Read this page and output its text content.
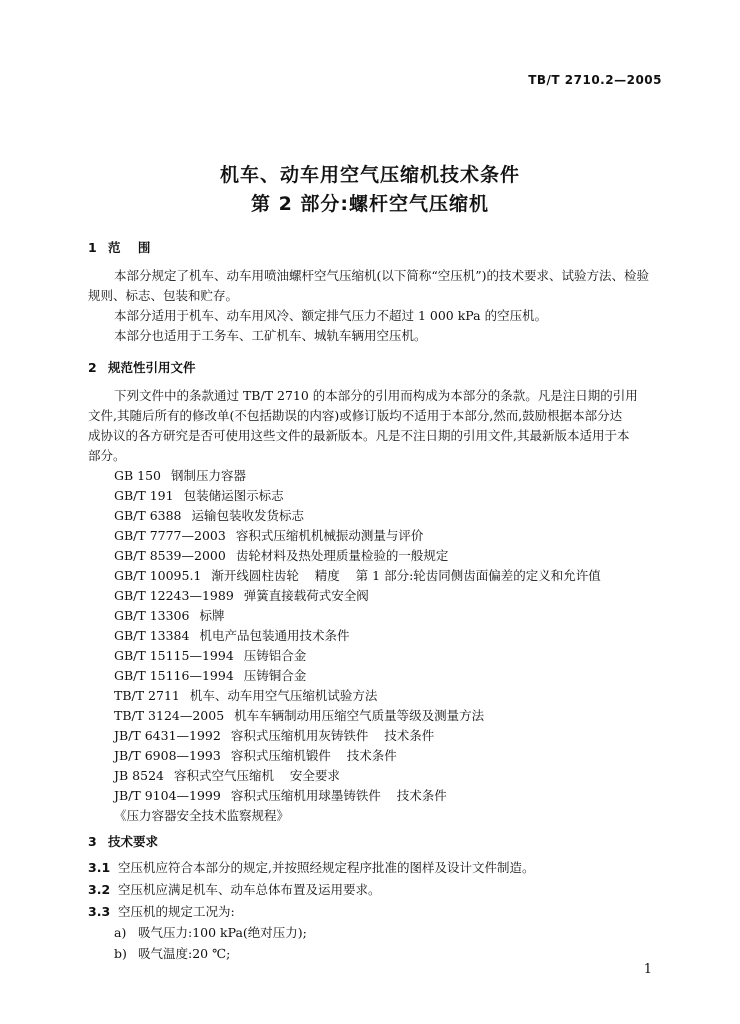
TB/T 2710.2—2005
机车、动车用空气压缩机技术条件
第 2 部分:螺杆空气压缩机
1 范    围
本部分规定了机车、动车用喷油螺杆空气压缩机(以下简称“空压机”)的技术要求、试验方法、检验
规则、标志、包装和贮存。
本部分适用于机车、动车用风冷、额定排气压力不超过 1 000 kPa 的空压机。
本部分也适用于工务车、工矿机车、城轨车辆用空压机。
2 规范性引用文件
下列文件中的条款通过 TB/T 2710 的本部分的引用而构成为本部分的条款。凡是注日期的引用
文件,其随后所有的修改单(不包括勘误的内容)或修订版均不适用于本部分,然而,鼓励根据本部分达
成协议的各方研究是否可使用这些文件的最新版本。凡是不注日期的引用文件,其最新版本适用于本
部分。
GB 150 钢制压力容器
GB/T 191 包装储运图示标志
GB/T 6388 运输包装收发货标志
GB/T 7777—2003 容积式压缩机机械振动测量与评价
GB/T 8539—2000 齿轮材料及热处理质量检验的一般规定
GB/T 10095.1 渐开线圆柱齿轮    精度    第 1 部分:轮齿同侧齿面偏差的定义和允许值
GB/T 12243—1989 弹簧直接载荷式安全阀
GB/T 13306 标牌
GB/T 13384 机电产品包装通用技术条件
GB/T 15115—1994 压铸铝合金
GB/T 15116—1994 压铸铜合金
TB/T 2711 机车、动车用空气压缩机试验方法
TB/T 3124—2005 机车车辆制动用压缩空气质量等级及测量方法
JB/T 6431—1992 容积式压缩机用灰铸铁件    技术条件
JB/T 6908—1993 容积式压缩机锻件    技术条件
JB 8524 容积式空气压缩机    安全要求
JB/T 9104—1999 容积式压缩机用球墨铸铁件    技术条件
《压力容器安全技术监察规程》
3 技术要求
3.1 空压机应符合本部分的规定,并按照经规定程序批准的图样及设计文件制造。
3.2 空压机应满足机车、动车总体布置及运用要求。
3.3 空压机的规定工况为:
a) 吸气压力:100 kPa(绝对压力);
b) 吸气温度:20 ℃;
1
